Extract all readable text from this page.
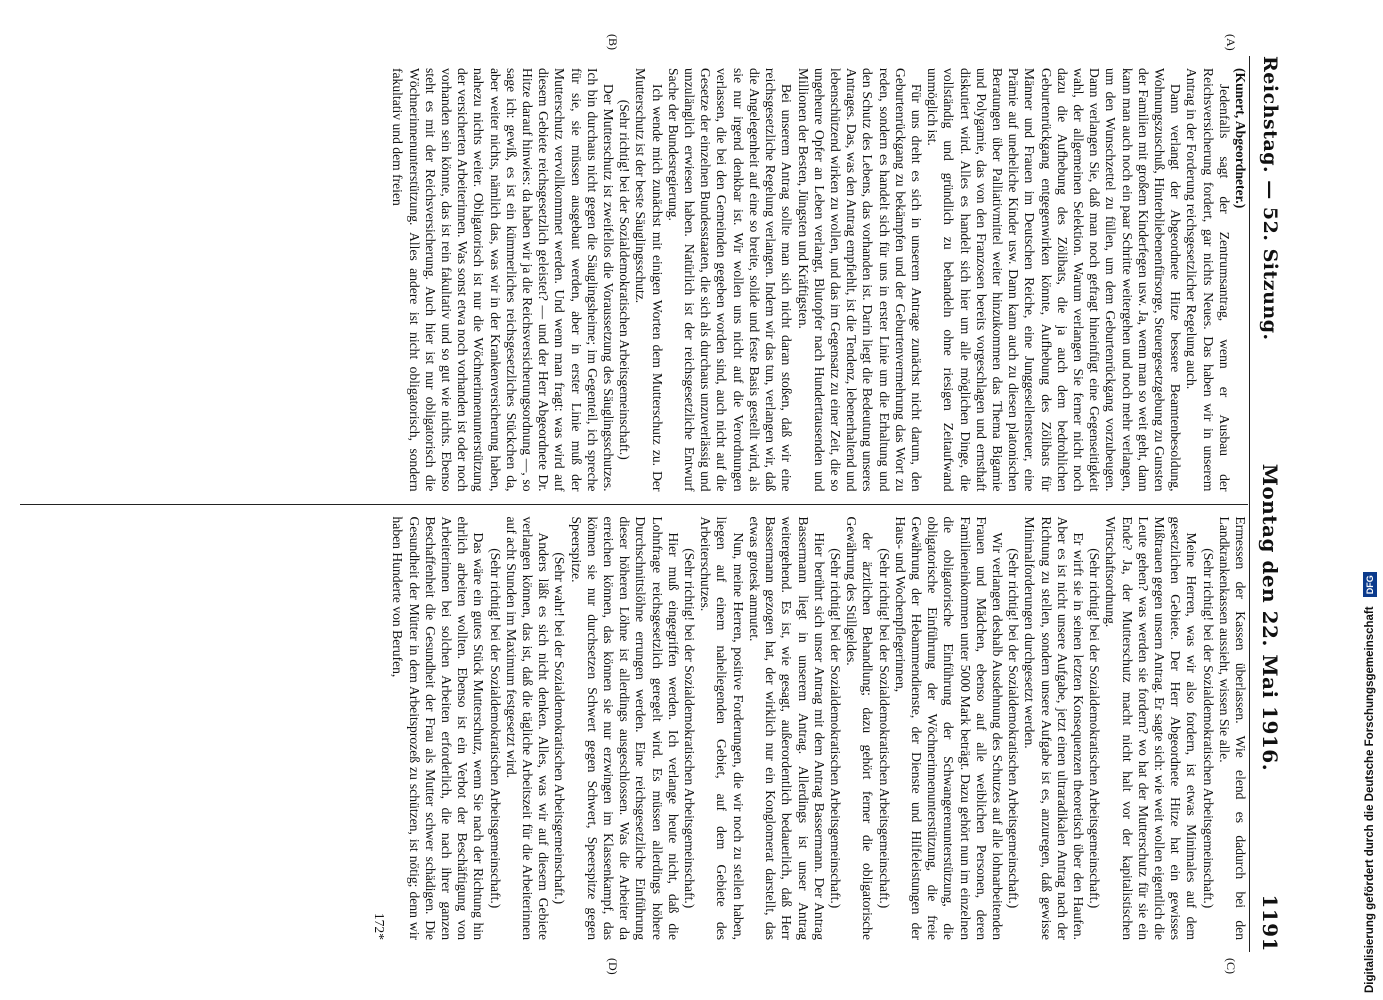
Reichstag. — 52. Sitzung.
Montag den 22. Mai 1916.
1191
(A)
(B)
(C)
(D)

(Kunert, Abgeordneter.)

Jedenfalls sagt der Zentrumsantrag, wenn er Ausbau der Reichsversicherung fordert, gar nichts Neues. Das haben wir in unserem Antrag in der Forderung reichsgesetzlicher Regelung auch.

Dann verlangt der Abgeordnete Hitze bessere Beamtenbesoldung, Wohnungszuschuß, Hinterbliebenenfürsorge, Steuergesetzgebung zu Gunsten der Familien mit großem Kinderfegen usw. Ja, wenn man so weit geht, dann kann man auch noch ein paar Schritte weitergehen und noch mehr verlangen, um den Wunschzettel zu füllen, um dem Geburtenrückgang vorzubeugen. Dann verlangen Sie, daß man noch gefragt hineinfügt eine Gegenseitigkeit wahl, der allgemeinen Selektion. Warum verlangen Sie ferner nicht noch dazu die Aufhebung des Zölibats, die ja auch dem bedrohlichen Geburtenrückgang entgegenwirken könnte, Aufhebung des Zölibats für Männer und Frauen im Deutschen Reiche, eine Junggesellensteuer, eine Prämie auf uneheliche Kinder usw. Dann kann auch zu diesen platonischen Beratungen über Palliativmittel weiter hinzukommen das Thema Bigamie und Polygamie, das von den Franzosen bereits vorgeschlagen und ernsthaft diskutiert wird. Alles es handelt sich hier um alle möglichen Dinge, die vollständig und gründlich zu behandeln ohne riesigen Zeitaufwand unmöglich ist.

Für uns dreht es sich in unserem Antrage zunächst nicht darum, den Geburtenrückgang zu bekämpfen und der Geburtenvermehrung das Wort zu reden, sondern es handelt sich für uns in erster Linie um die Erhaltung und den Schutz des Lebens, das vorhanden ist. Darin liegt die Bedeutung unseres Antrages. Das, was den Antrag empfiehlt, ist die Tendenz, lebenerhaltend und lebenschützend wirken zu wollen, und das im Gegensatz zu einer Zeit, die so ungeheure Opfer an Leben verlangt, Blutopfer nach Hunderttausenden und Millionen der Besten, Jüngsten und Kräftigsten.

Bei unserem Antrag sollte man sich nicht daran stoßen, daß wir eine reichsgesetzliche Regelung verlangen. Indem wir das tun, verlangen wir, daß die Angelegenheit auf eine so breite, solide und feste Basis gestellt wird, als sie nur irgend denkbar ist. Wir wollen uns nicht auf die Verordnungen verlassen, die bei den Gemeinden gegeben worden sind, auch nicht auf die Gesetze der einzelnen Bundesstaaten, die sich als durchaus unzuverlässig und unzulänglich erwiesen haben. Natürlich ist der reichsgesetzliche Entwurf Sache der Bundesregierung.

Ich wende mich zunächst mit einigen Worten dem Mutterschutz zu. Der Mutterschutz ist der beste Säuglingsschutz.

(Sehr richtig! bei der Sozialdemokratischen Arbeitsgemeinschaft.)

Der Mutterschutz ist zweifellos die Voraussetzung des Säuglingsschutzes. Ich bin durchaus nicht gegen die Säuglingsheime; im Gegenteil, ich spreche für sie, sie müssen ausgebaut werden, aber in erster Linie muß der Mutterschutz vervollkommnet werden. Und wenn man fragt: was wird auf diesem Gebiete reichsgesetzlich geleistet? — und der Herr Abgeordnete Dr. Hitze darauf hinwies: da haben wir ja die Reichsversicherungsordnung —, so sage ich: gewiß, es ist ein kümmerliches reichsgesetzliches Stückchen da, aber weiter nichts, nämlich das, was wir in der Krankenversicherung haben, nahezu nichts weiter. Obligatorisch ist nur die Wöchnerinnenunterstützung der versicherten Arbeiterinnen. Was sonst etwa noch vorhanden ist oder noch vorhanden sein könnte, das ist rein fakultativ und so gut wie nichts. Ebenso steht es mit der Reichsversicherung. Auch hier ist nur obligatorisch die Wöchnerinnenunterstützung. Alles andere ist nicht obligatorisch, sondern fakultativ und dem freien

Ermessen der Kassen überlassen. Wie elend es dadurch bei den Landkrankenkassen aussieht, wissen Sie alle.

(Sehr richtig! bei der Sozialdemokratischen Arbeitsgemeinschaft.)

Meine Herren, was wir also fordern, ist etwas Minimales auf dem gesetzlichen Gebiete. Der Herr Abgeordnete Hitze hat ein gewisses Mißtrauen gegen unsern Antrag. Er sagte sich: wie weit wollen eigentlich die Leute gehen? was werden sie fordern? wo hat der Mutterschutz für sie ein Ende? Ja, der Mutterschutz macht nicht halt vor der kapitalistischen Wirtschaftsordnung.

(Sehr richtig! bei der Sozialdemokratischen Arbeitsgemeinschaft.)

Er wirft sie in seinen letzten Konsequenzen theoretisch über den Haufen. Aber es ist nicht unsere Aufgabe, jetzt einen ultraradikalen Antrag nach der Richtung zu stellen, sondern unsere Aufgabe ist es, anzuregen, daß gewisse Minimalforderungen durchgesetzt werden.

(Sehr richtig! bei der Sozialdemokratischen Arbeitsgemeinschaft.)

Wir verlangen deshalb Ausdehnung des Schutzes auf alle lohnarbeitenden Frauen und Mädchen, ebenso auf alle weiblichen Personen, deren Familieneinkommen unter 5000 Mark beträgt. Dazu gehört nun im einzelnen die obligatorische Einführung der Schwangerenunterstützung, die obligatorische Einführung der Wöchnerinnenunterstützung, die freie Gewährung der Hebammendienste, der Dienste und Hilfeleistungen der Haus- und Wochenpflegerinnen,

(Sehr richtig! bei der Sozialdemokratischen Arbeitsgemeinschaft.)

der ärztlichen Behandlung; dazu gehört ferner die obligatorische Gewährung des Stillgeldes.

(Sehr richtig! bei der Sozialdemokratischen Arbeitsgemeinschaft.)

Hier berührt sich unser Antrag mit dem Antrag Bassermann. Der Antrag Bassermann liegt in unserem Antrag. Allerdings ist unser Antrag weitergehend. Es ist, wie gesagt, außerordentlich bedauerlich, daß Herr Bassermann gezogen hat, der wirklich nur ein Konglomerat darstellt, das etwas grotesk anmutet.

Nun, meine Herren, positive Forderungen, die wir noch zu stellen haben, liegen auf einem naheliegenden Gebiet, auf dem Gebiete des Arbeiterschutzes.

(Sehr richtig! bei der Sozialdemokratischen Arbeitsgemeinschaft.)

Hier muß eingegriffen werden. Ich verlange heute nicht, daß die Lohnfrage reichsgesetzlich geregelt wird. Es müssen allerdings höhere Durchschnittslöhne errungen werden. Eine reichsgesetzliche Einführung dieser höheren Löhne ist allerdings ausgeschlossen. Was die Arbeiter da erreichen können, das können sie nur erzwingen im Klassenkampf, das können sie nur durchsetzen Schwert gegen Schwert, Speerspitze gegen Speerspitze.

(Sehr wahr! bei der Sozialdemokratischen Arbeitsgemeinschaft.)

Anders läßt es sich nicht denken. Alles, was wir auf diesem Gebiete verlangen können, das ist, daß die tägliche Arbeitszeit für die Arbeiterinnen auf acht Stunden im Maximum festgesetzt wird.

(Sehr richtig! bei der Sozialdemokratischen Arbeitsgemeinschaft.)

Das wäre ein gutes Stück Mutterschutz, wenn Sie nach der Richtung hin ehrlich arbeiten wollten. Ebenso ist ein Verbot der Beschäftigung von Arbeiterinnen bei solchen Arbeiten erforderlich, die nach ihrer ganzen Beschaffenheit die Gesundheit der Frau als Mutter schwer schädigen. Die Gesundheit der Mütter in dem Arbeitsprozeß zu schützen, ist nötig; denn wir haben Hunderte von Berufen,

172*	Digitalisierung gefördert durch die Deutsche Forschungsgemeinschaft DFG
